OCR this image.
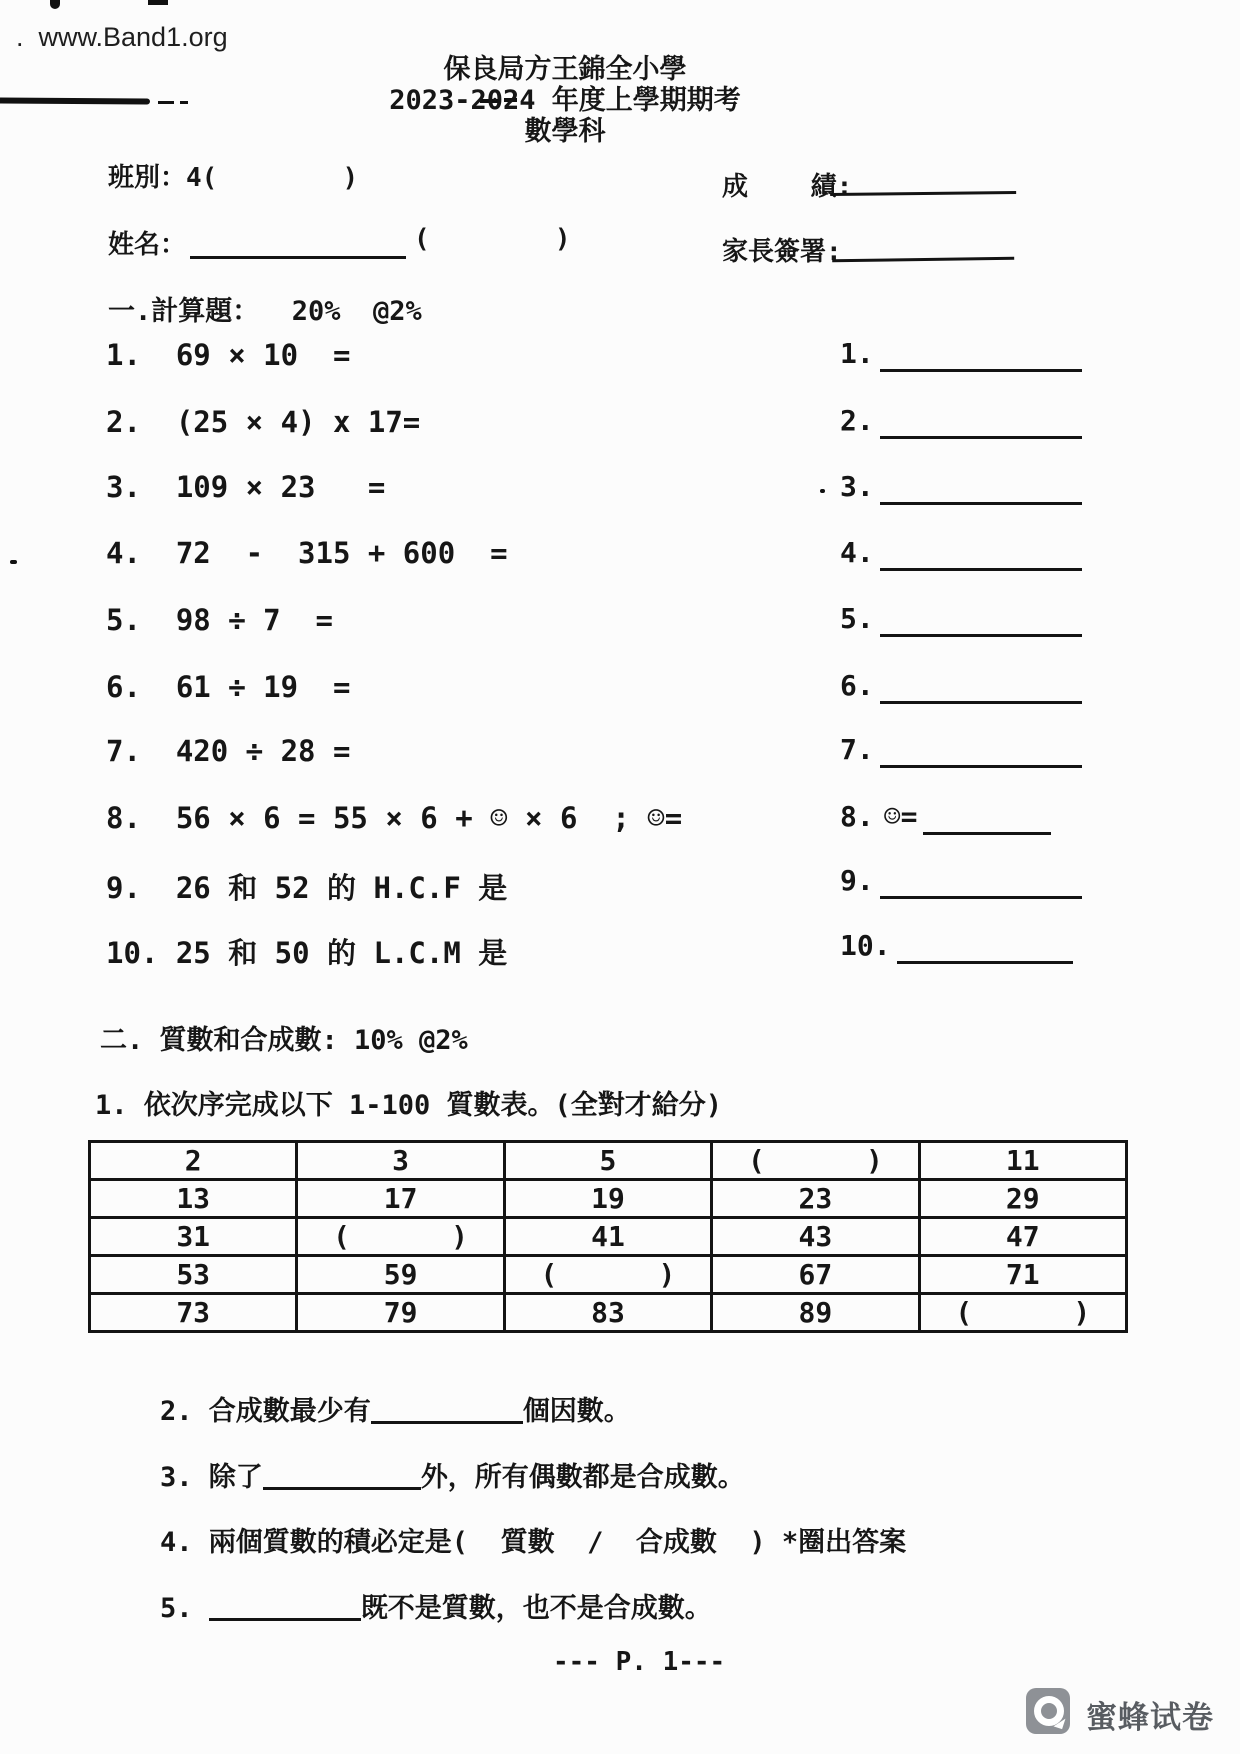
.  www.Band1.org
保良局方王錦全小學
2023-2024 年度上學期期考
數學科
班別：4(        )	成    績:
姓名：	(        )	家長簽署:
一.計算題：  20%  @2%
1.  69 × 10  =
2.  (25 × 4) x 17=
3.  109 × 23   =
4.  72  -  315 + 600  =
5.  98 ÷ 7  =
6.  61 ÷ 19  =
7.  420 ÷ 28 =
8.  56 × 6 = 55 × 6 + ☺ × 6  ; ☺=
9.  26 和 52 的 H.C.F 是
10. 25 和 50 的 L.C.M 是
1.
2.
3.
4.
5.
6.
7.
8. ☺=
9.
10.
二. 質數和合成數: 10% @2%
1. 依次序完成以下 1-100 質數表。(全對才給分)
2	3	5	(      )	11
13	17	19	23	29
31	(      )	41	43	47
53	59	(      )	67	71
73	79	83	89	(      )

2. 合成數最少有	個因數。

3. 除了	外，所有偶數都是合成數。

4. 兩個質數的積必定是(  質數  /  合成數  ) *圈出答案

5.	既不是質數，也不是合成數。

--- P. 1---
蜜蜂试卷
